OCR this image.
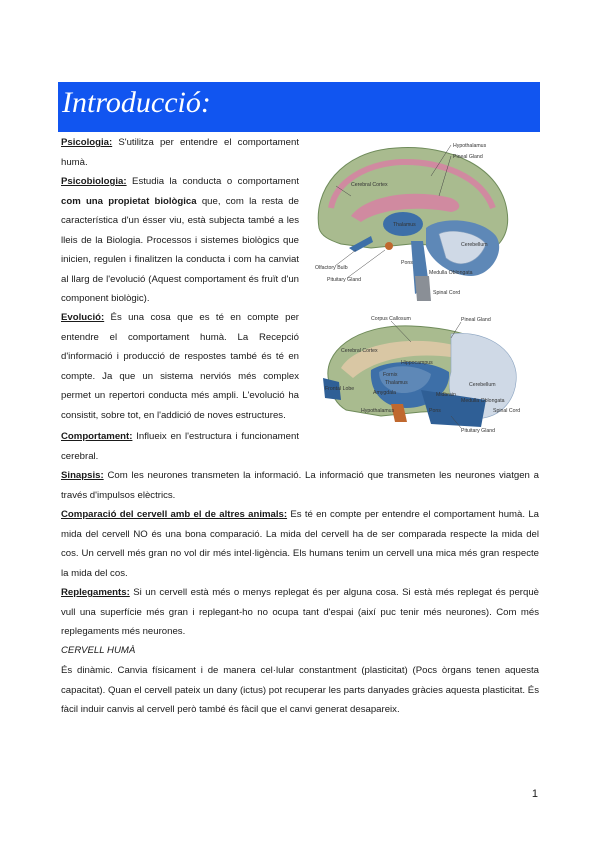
Introducció:
Hypothalamus
Pineal Gland
Cerebral Cortex
Thalamus
Olfactory Bulb
Pituitary Gland
Cerebellum
Pons
Medulla Oblongata
Spinal Cord
Corpus Callosum	Pineal Gland
Cerebral Cortex
Hippocampus
Fornix
Thalamus
Amygdala
Hypothalamus
Midbrain
Pons
Cerebellum
Medulla Oblongata
Spinal Cord
Pituitary Gland
Frontal Lobe

Psicologia: S'utilitza per entendre el comportament humà.

Psicobiologia: Estudia la conducta o comportament com una propietat biològica que, com la resta de característica d'un ésser viu, està subjecta també a les lleis de la Biologia. Processos i sistemes biològics que inicien, regulen i finalitzen la conducta i com ha canviat al llarg de l'evolució (Aquest comportament és fruït d'un component biològic).

Evolució: És una cosa que es té en compte per entendre el comportament humà. La Recepció d'informació i producció de respostes també és té en compte. Ja que un sistema nerviós més complex permet un repertori conducta més ampli. L'evolució ha consistit, sobre tot, en l'addició de noves estructures.

Comportament: Influeix en l'estructura i funcionament cerebral.

Sinapsis: Com les neurones transmeten la informació. La informació que transmeten les neurones viatgen a través d'impulsos elèctrics.

Comparació del cervell amb el de altres animals: Es té en compte per entendre el comportament humà. La mida del cervell NO és una bona comparació. La mida del cervell ha de ser comparada respecte la mida del cos. Un cervell més gran no vol dir més intel·ligència. Els humans tenim un cervell una mica més gran respecte la mida del cos.

Replegaments: Si un cervell està més o menys replegat és per alguna cosa. Si està més replegat és perquè vull una superfície més gran i replegant-ho no ocupa tant d'espai (així puc tenir més neurones). Com més replegaments més neurones.

CERVELL HUMÀ

És dinàmic. Canvia físicament i de manera cel·lular constantment (plasticitat) (Pocs òrgans tenen aquesta capacitat). Quan el cervell pateix un dany (ictus) pot recuperar les parts danyades gràcies aquesta plasticitat. És fàcil induir canvis al cervell però també és fàcil que el canvi generat desaparеix.

1
